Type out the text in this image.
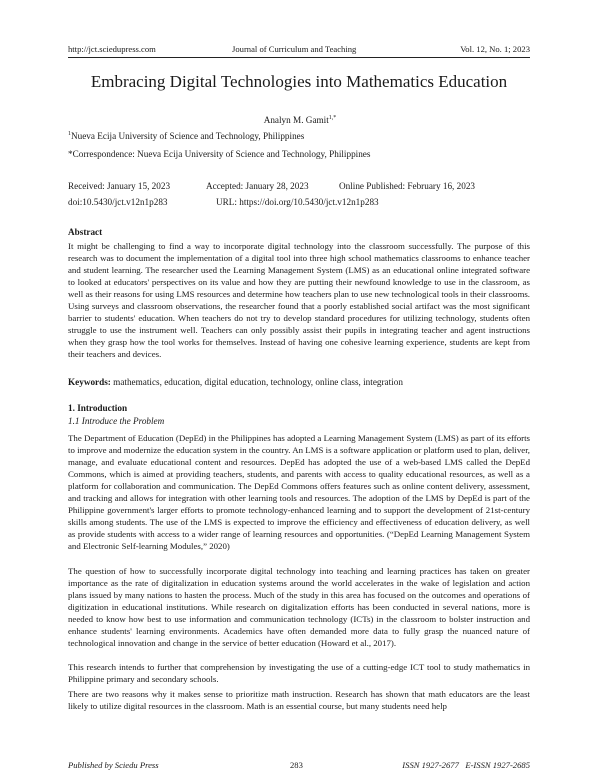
http://jct.sciedupress.com	Journal of Curriculum and Teaching	Vol. 12, No. 1; 2023
Embracing Digital Technologies into Mathematics Education
Analyn M. Gamit$^{1,*}$
$^1$Nueva Ecija University of Science and Technology, Philippines
*Correspondence: Nueva Ecija University of Science and Technology, Philippines
Received: January 15, 2023	Accepted: January 28, 2023	Online Published: February 16, 2023
doi:10.5430/jct.v12n1p283	URL: https://doi.org/10.5430/jct.v12n1p283
Abstract

It might be challenging to find a way to incorporate digital technology into the classroom successfully. The purpose of this research was to document the implementation of a digital tool into three high school mathematics classrooms to enhance teacher and student learning. The researcher used the Learning Management System (LMS) as an educational online integrated software to looked at educators' perspectives on its value and how they are putting their newfound knowledge to use in the classroom, as well as their reasons for using LMS resources and determine how teachers plan to use new technological tools in their classrooms. Using surveys and classroom observations, the researcher found that a poorly established social artifact was the most significant barrier to students' education. When teachers do not try to develop standard procedures for utilizing technology, students often struggle to use the instrument well. Teachers can only possibly assist their pupils in integrating teacher and agent instructions when they grasp how the tool works for themselves. Instead of having one cohesive learning experience, students are kept from their teachers and devices.

Keywords: mathematics, education, digital education, technology, online class, integration
1. Introduction
1.1 Introduce the Problem

The Department of Education (DepEd) in the Philippines has adopted a Learning Management System (LMS) as part of its efforts to improve and modernize the education system in the country. An LMS is a software application or platform used to plan, deliver, manage, and evaluate educational content and resources. DepEd has adopted the use of a web-based LMS called the DepEd Commons, which is aimed at providing teachers, students, and parents with access to quality educational resources, as well as a platform for collaboration and communication. The DepEd Commons offers features such as online content delivery, assessment, and tracking and allows for integration with other learning tools and resources. The adoption of the LMS by DepEd is part of the Philippine government's larger efforts to promote technology-enhanced learning and to support the development of 21st-century skills among students. The use of the LMS is expected to improve the efficiency and effectiveness of education delivery, as well as provide students with access to a wider range of learning resources and opportunities. (“DepEd Learning Management System and Electronic Self-learning Modules,” 2020)

The question of how to successfully incorporate digital technology into teaching and learning practices has taken on greater importance as the rate of digitalization in education systems around the world accelerates in the wake of legislation and action plans issued by many nations to hasten the process. Much of the study in this area has focused on the outcomes and operations of digitization in educational institutions. While research on digitalization efforts has been conducted in several nations, more is needed to know how best to use information and communication technology (ICTs) in the classroom to bolster instruction and enhance students' learning environments. Academics have often demanded more data to fully grasp the nuanced nature of technological innovation and change in the service of better education (Howard et al., 2017).

This research intends to further that comprehension by investigating the use of a cutting-edge ICT tool to study mathematics in Philippine primary and secondary schools.

There are two reasons why it makes sense to prioritize math instruction. Research has shown that math educators are the least likely to utilize digital resources in the classroom. Math is an essential course, but many students need help

Published by Sciedu Press	283	ISSN 1927-2677   E-ISSN 1927-2685
